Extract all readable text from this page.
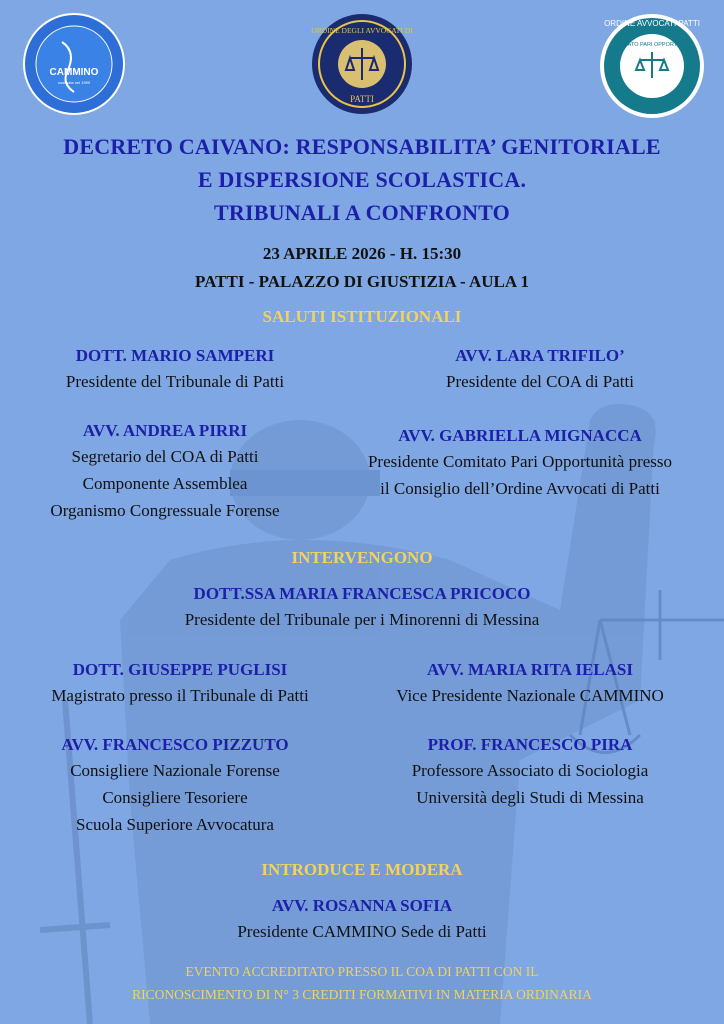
CAMMINO
costituita nel 1999
ORDINE DEGLI AVVOCATI DI
PATTI
ORDINE AVVOCATI PATTI
COMITATO PARI OPPORTUNITÀ
DECRETO CAIVANO: RESPONSABILITA’ GENITORIALE
E DISPERSIONE SCOLASTICA.
TRIBUNALI A CONFRONTO
23 APRILE 2026 - H. 15:30
PATTI - PALAZZO DI GIUSTIZIA - AULA 1
SALUTI ISTITUZIONALI
DOTT. MARIO SAMPERI
Presidente del Tribunale di Patti
AVV. LARA TRIFILO’
Presidente del COA di Patti
AVV. ANDREA PIRRI
Segretario del COA di Patti
Componente Assemblea
Organismo Congressuale Forense
AVV. GABRIELLA MIGNACCA
Presidente Comitato Pari Opportunità presso
il Consiglio dell’Ordine Avvocati di Patti
INTERVENGONO
DOTT.SSA MARIA FRANCESCA PRICOCO
Presidente del Tribunale per i Minorenni di Messina
DOTT. GIUSEPPE PUGLISI
Magistrato presso il Tribunale di Patti
AVV. MARIA RITA IELASI
Vice Presidente Nazionale CAMMINO
AVV. FRANCESCO PIZZUTO
Consigliere Nazionale Forense
Consigliere Tesoriere
Scuola Superiore Avvocatura
PROF. FRANCESCO PIRA
Professore Associato di Sociologia
Università degli Studi di Messina
INTRODUCE E MODERA
AVV. ROSANNA SOFIA
Presidente CAMMINO Sede di Patti
EVENTO ACCREDITATO PRESSO IL COA DI PATTI CON IL
RICONOSCIMENTO DI N° 3 CREDITI FORMATIVI IN MATERIA ORDINARIA
